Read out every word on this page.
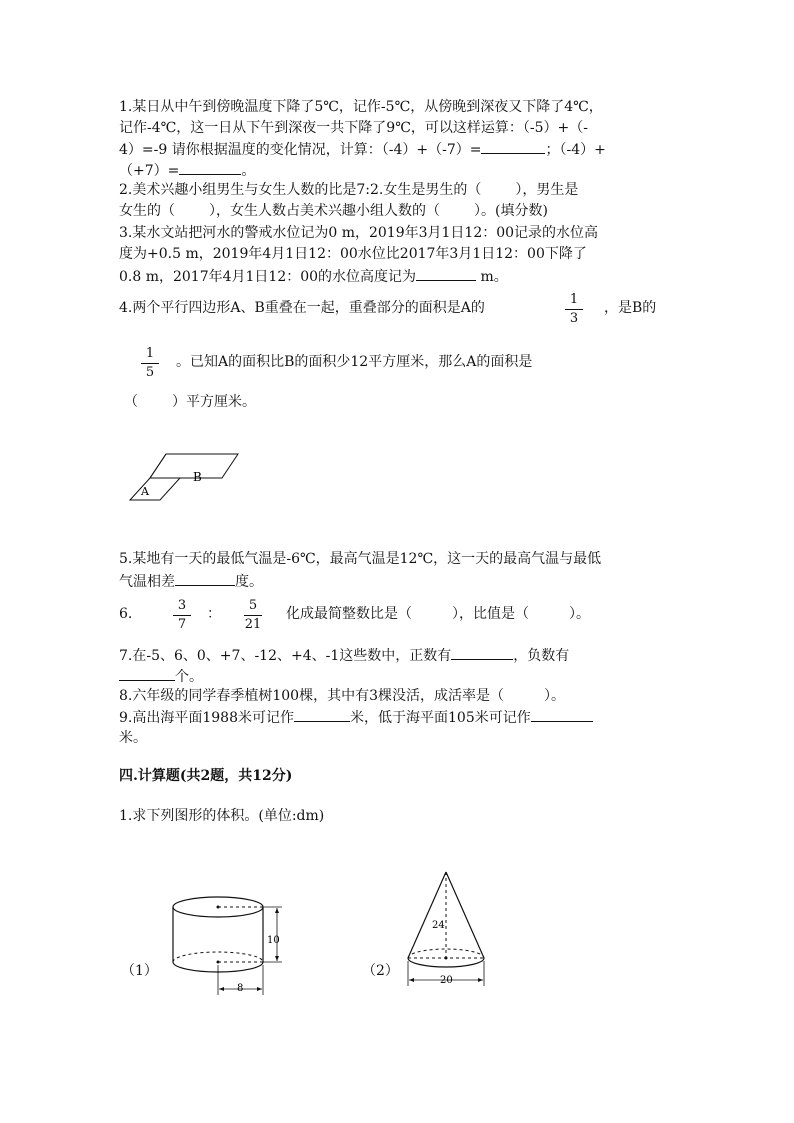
1.某日从中午到傍晚温度下降了5℃，记作-5℃，从傍晚到深夜又下降了4℃，
记作-4℃，这一日从下午到深夜一共下降了9℃，可以这样运算：（-5）+（-
4）=-9 请你根据温度的变化情况，计算：（-4）+（-7）=	；（-4）+
（+7）=	。
2.美术兴趣小组男生与女生人数的比是7:2.女生是男生的（ ），男生是
女生的（ ），女生人数占美术兴趣小组人数的（ ）。(填分数)
3.某水文站把河水的警戒水位记为0 m，2019年3月1日12：00记录的水位高
度为+0.5 m，2019年4月1日12：00水位比2017年3月1日12：00下降了
0.8 m，2017年4月1日12：00的水位高度记为	m。
4.两个平行四边形A、B重叠在一起，重叠部分的面积是A的
1
3
，是B的
1
5
。已知A的面积比B的面积少12平方厘米，那么A的面积是
（ ）平方厘米。
A
B
5.某地有一天的最低气温是-6℃，最高气温是12℃，这一天的最高气温与最低
气温相差	度。
6.
3
7
：
5
21
化成最简整数比是（	），比值是（	）。
7.在-5、6、0、+7、-12、+4、-1这些数中，正数有	，负数有
个。
8.六年级的同学春季植树100棵，其中有3棵没活，成活率是（	）。
9.高出海平面1988米可记作	米，低于海平面105米可记作
米。
四.计算题(共2题，共12分)
1.求下列图形的体积。(单位:dm)
（1）
10
8
（2）
24
20
